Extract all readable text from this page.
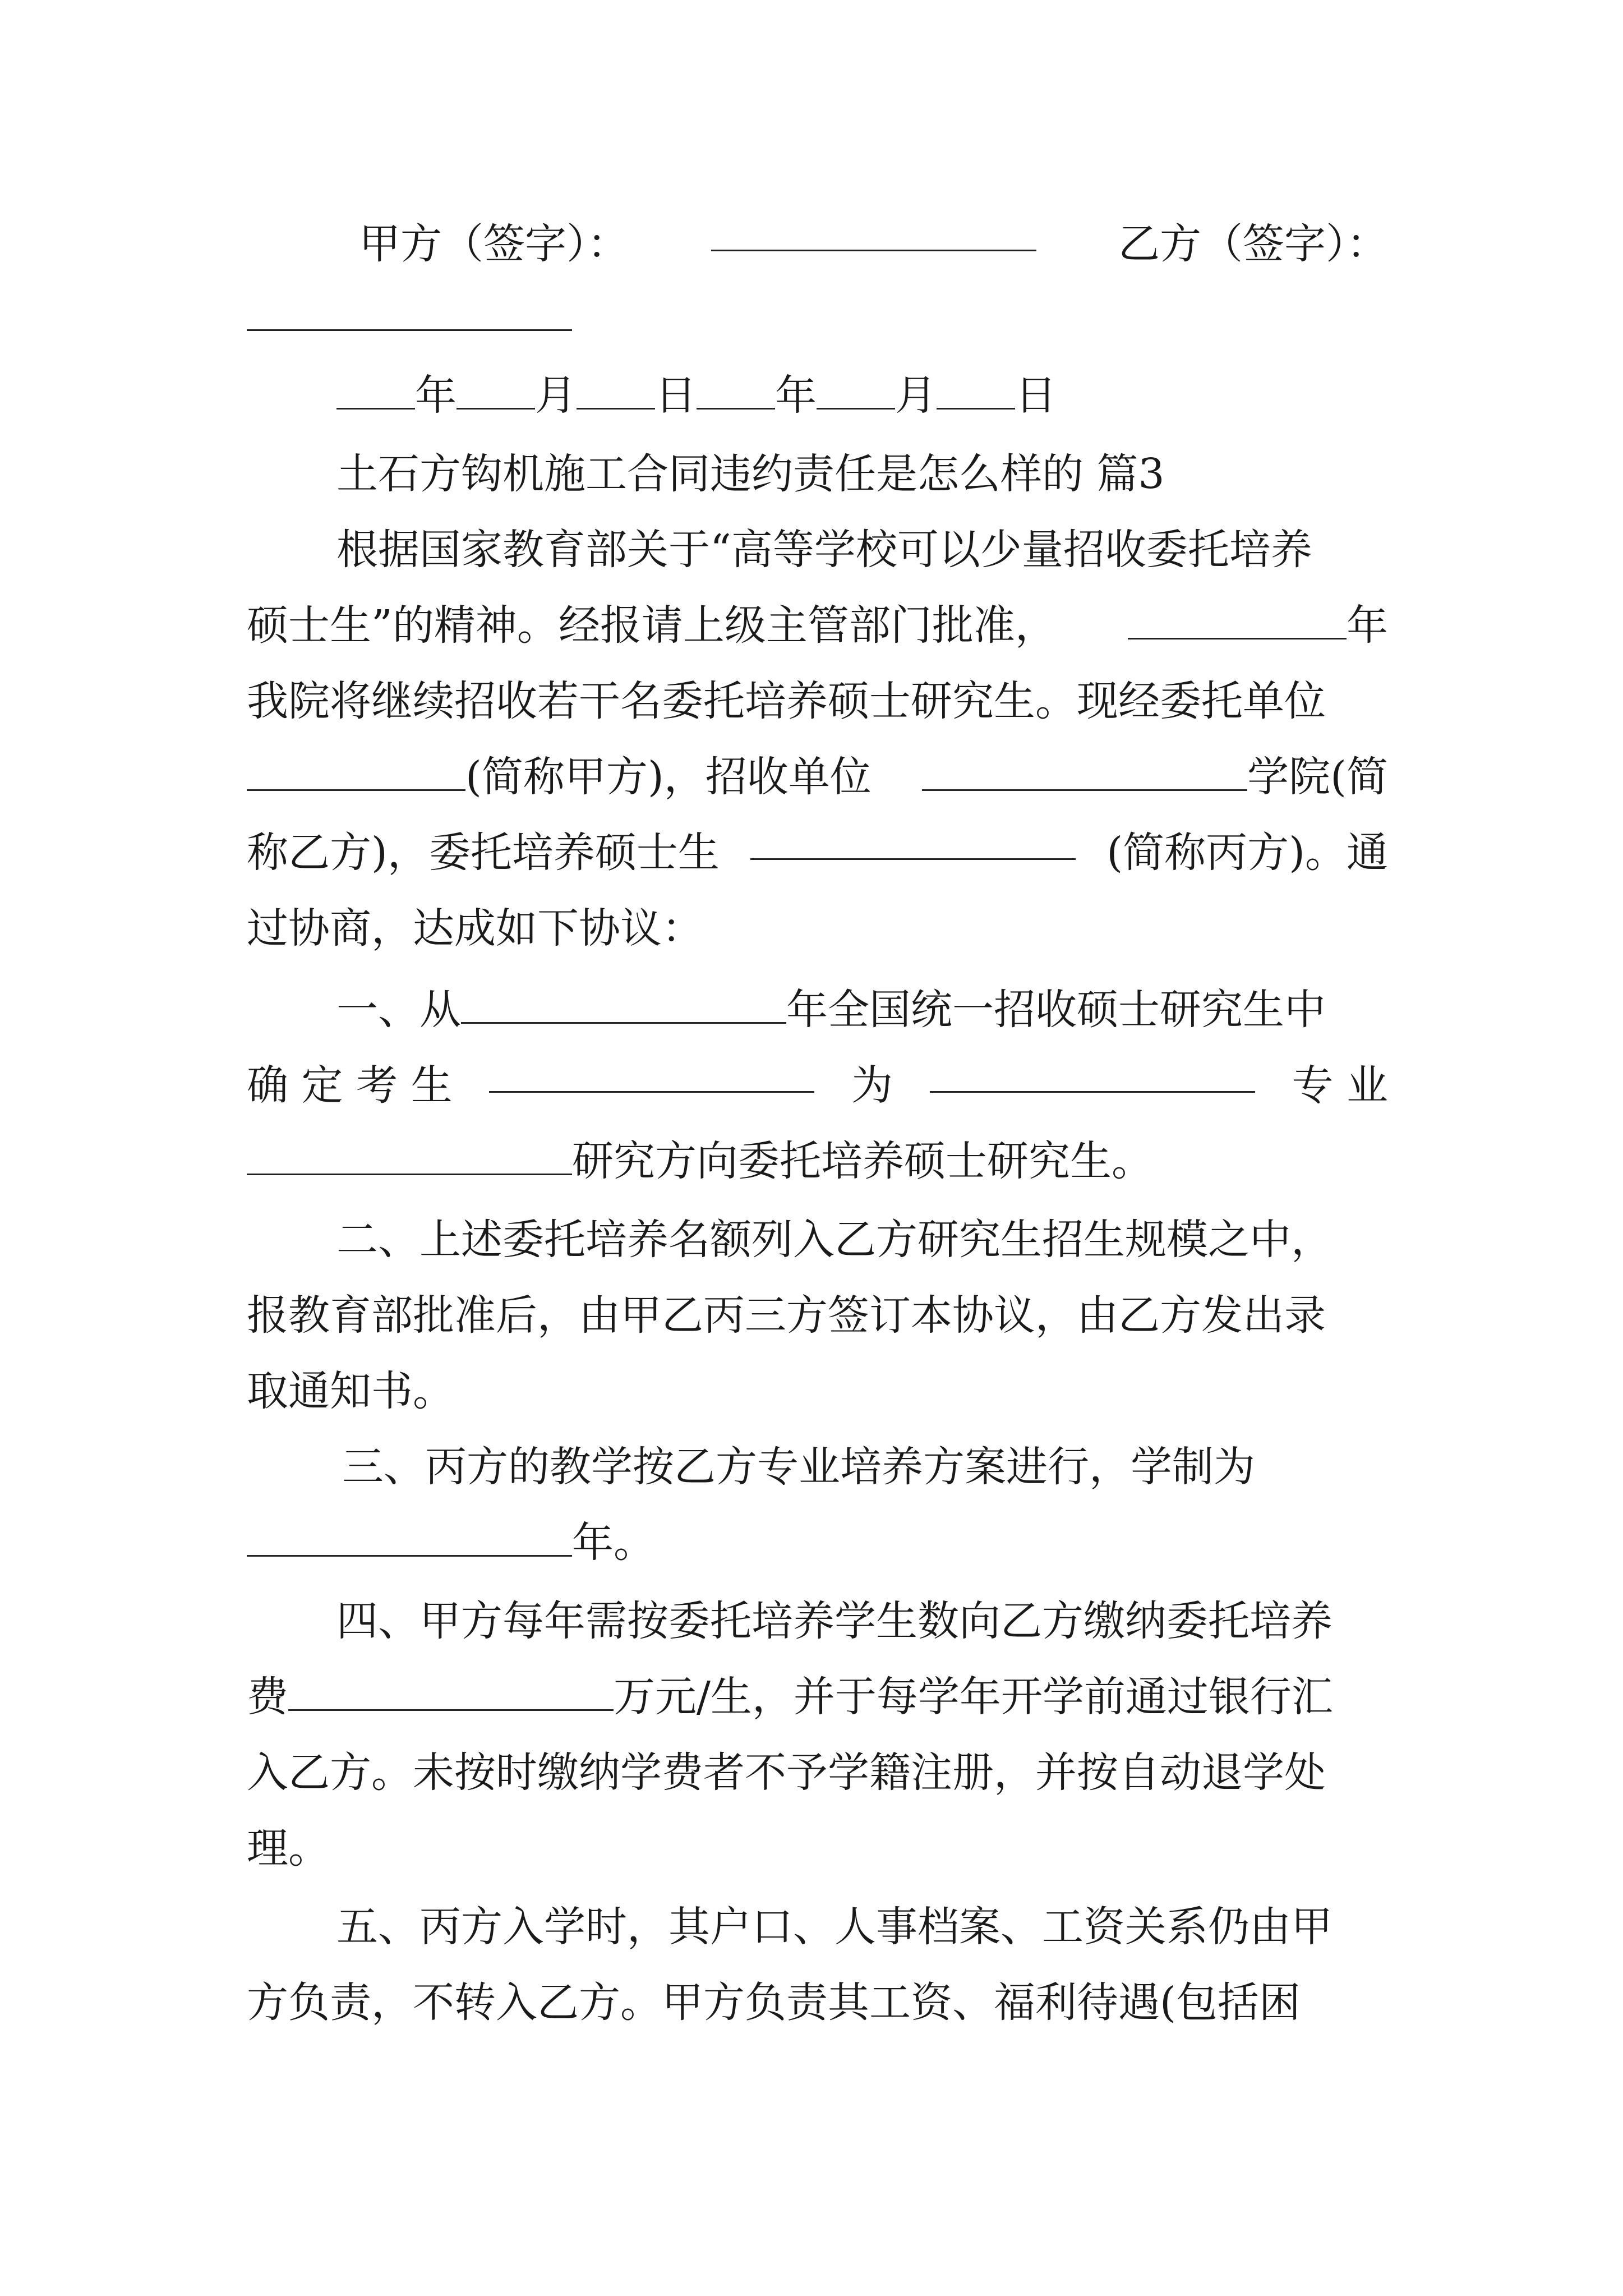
甲方（签字）：	乙方（签字）：
年 月 日 年 月 日
土石方钩机施工合同违约责任是怎么样的 篇3
根据国家教育部关于“高等学校可以少量招收委托培养
硕士生”的精神。经报请上级主管部门批准，	年
我院将继续招收若干名委托培养硕士研究生。现经委托单位
(简称甲方)，招收单位	学院(简
称乙方)，委托培养硕士生	(简称丙方)。通
过协商，达成如下协议：
一、从	年全国统一招收硕士研究生中
确 定 考 生	为	专 业
研究方向委托培养硕士研究生。
二、上述委托培养名额列入乙方研究生招生规模之中，
报教育部批准后，由甲乙丙三方签订本协议，由乙方发出录
取通知书。
三、丙方的教学按乙方专业培养方案进行，学制为
年。
四、甲方每年需按委托培养学生数向乙方缴纳委托培养
费	万元/生，并于每学年开学前通过银行汇
入乙方。未按时缴纳学费者不予学籍注册，并按自动退学处
理。
五、丙方入学时，其户口、人事档案、工资关系仍由甲
方负责，不转入乙方。甲方负责其工资、福利待遇(包括困
